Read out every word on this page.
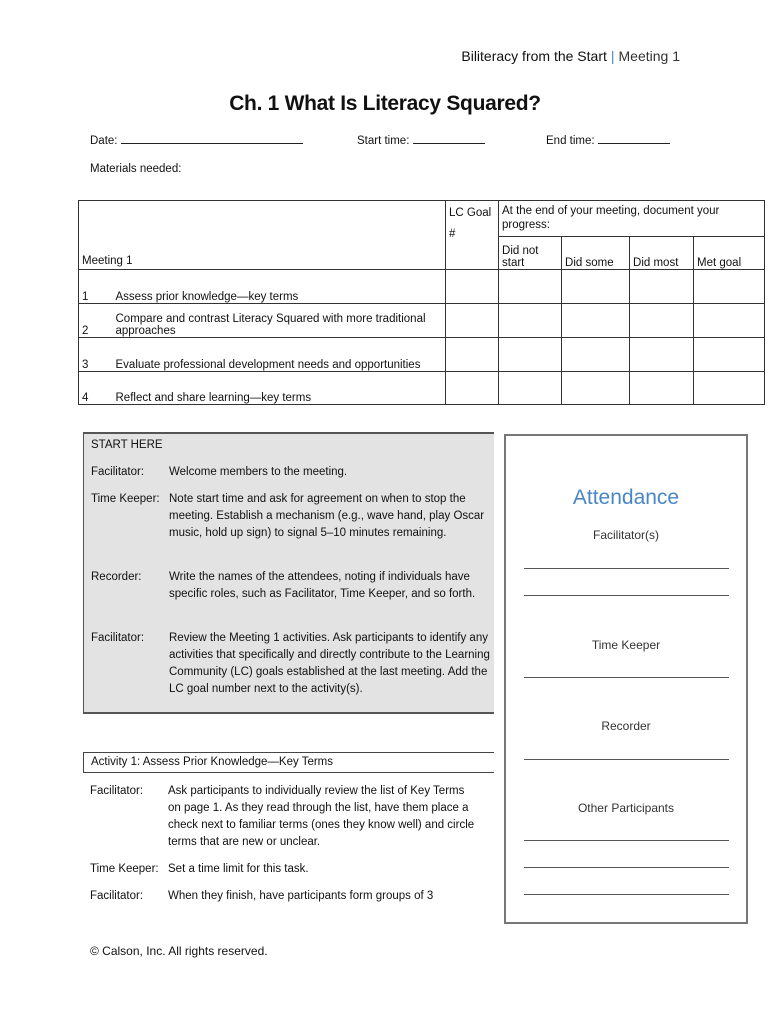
Biliteracy from the Start | Meeting 1
Ch. 1 What Is Literacy Squared?
Date:	Start time:	End time:
Materials needed:
Meeting 1		LC Goal #	At the end of your meeting, document your progress:			
			Did not start	Did some	Did most	Met goal
1	Assess prior knowledge—key terms					
2	Compare and contrast Literacy Squared with more traditional approaches					
3	Evaluate professional development needs and opportunities					
4	Reflect and share learning—key terms					
START HERE
Facilitator: Welcome members to the meeting.
Time Keeper: Note start time and ask for agreement on when to stop the meeting. Establish a mechanism (e.g., wave hand, play Oscar music, hold up sign) to signal 5–10 minutes remaining.
Recorder: Write the names of the attendees, noting if individuals have specific roles, such as Facilitator, Time Keeper, and so forth.
Facilitator: Review the Meeting 1 activities. Ask participants to identify any activities that specifically and directly contribute to the Learning Community (LC) goals established at the last meeting. Add the LC goal number next to the activity(s).
Activity 1: Assess Prior Knowledge—Key Terms
Facilitator: Ask participants to individually review the list of Key Terms on page 1. As they read through the list, have them place a check next to familiar terms (ones they know well) and circle terms that are new or unclear.
Time Keeper: Set a time limit for this task.
Facilitator: When they finish, have participants form groups of 3
Attendance
Facilitator(s)
Time Keeper
Recorder
Other Participants
© Calson, Inc. All rights reserved.
